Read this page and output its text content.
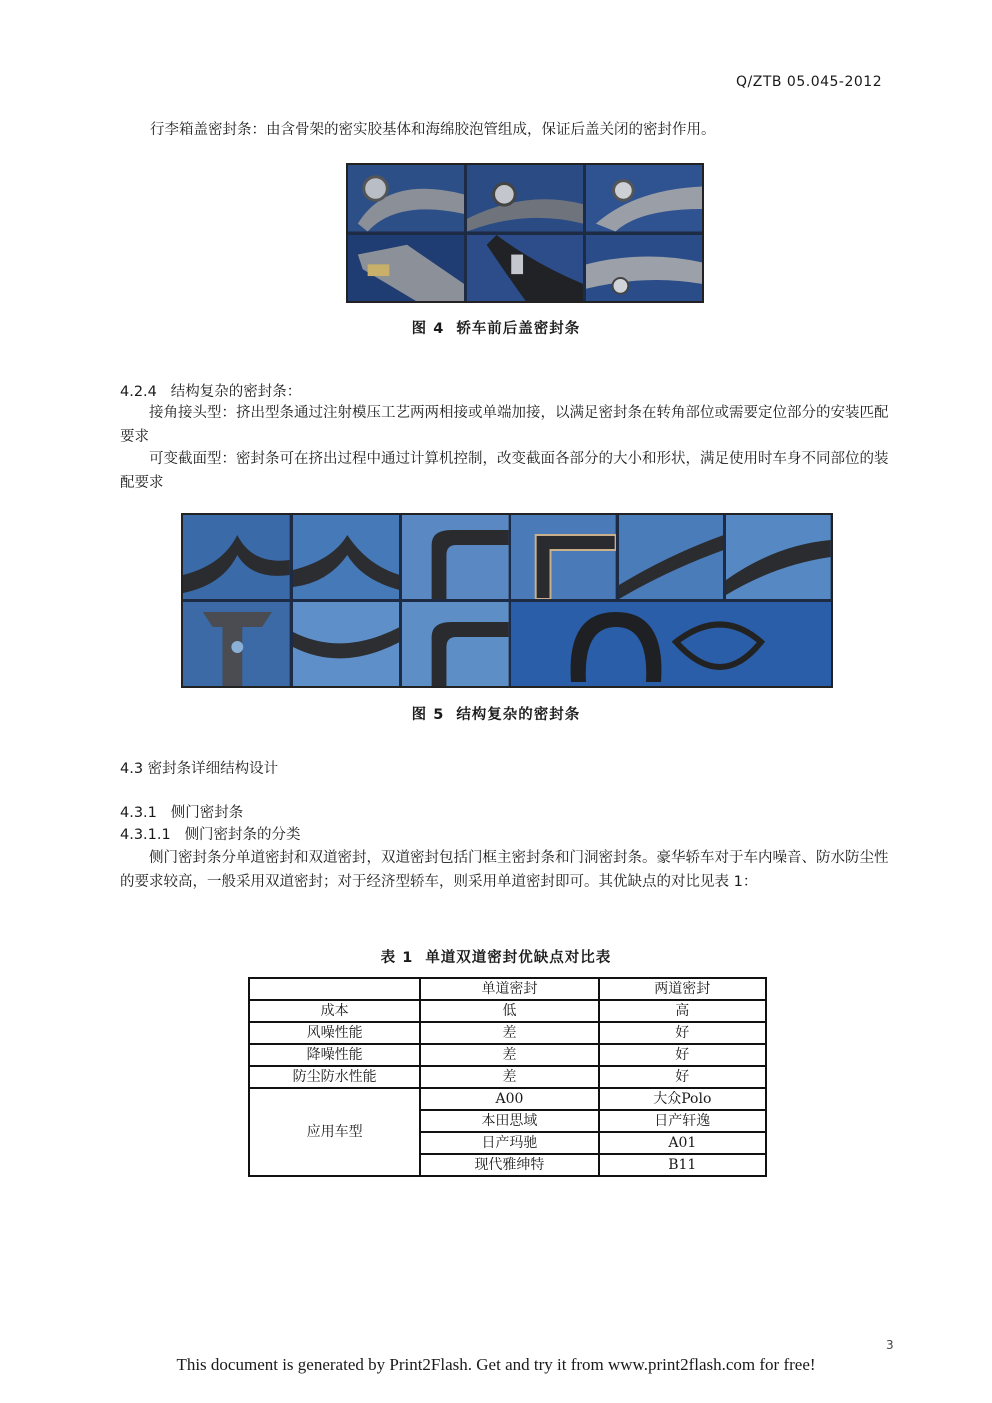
Q/ZTB 05.045-2012
行李箱盖密封条：由含骨架的密实胶基体和海绵胶泡管组成，保证后盖关闭的密封作用。
图 4 轿车前后盖密封条
4.2.4 结构复杂的密封条：
接角接头型：挤出型条通过注射模压工艺两两相接或单端加接，以满足密封条在转角部位或需要定位部分的安装匹配要求
可变截面型：密封条可在挤出过程中通过计算机控制，改变截面各部分的大小和形状，满足使用时车身不同部位的装配要求
图 5 结构复杂的密封条
4.3 密封条详细结构设计
4.3.1 侧门密封条
4.3.1.1 侧门密封条的分类
侧门密封条分单道密封和双道密封，双道密封包括门框主密封条和门洞密封条。豪华轿车对于车内噪音、防水防尘性的要求较高，一般采用双道密封；对于经济型轿车，则采用单道密封即可。其优缺点的对比见表 1：
表 1 单道双道密封优缺点对比表
	单道密封	两道密封
成本	低	高
风噪性能	差	好
降噪性能	差	好
防尘防水性能	差	好
应用车型	A00	大众Polo
	本田思域	日产轩逸
	日产玛驰	A01
	现代雅绅特	B11
3
This document is generated by Print2Flash. Get and try it from www.print2flash.com for free!
